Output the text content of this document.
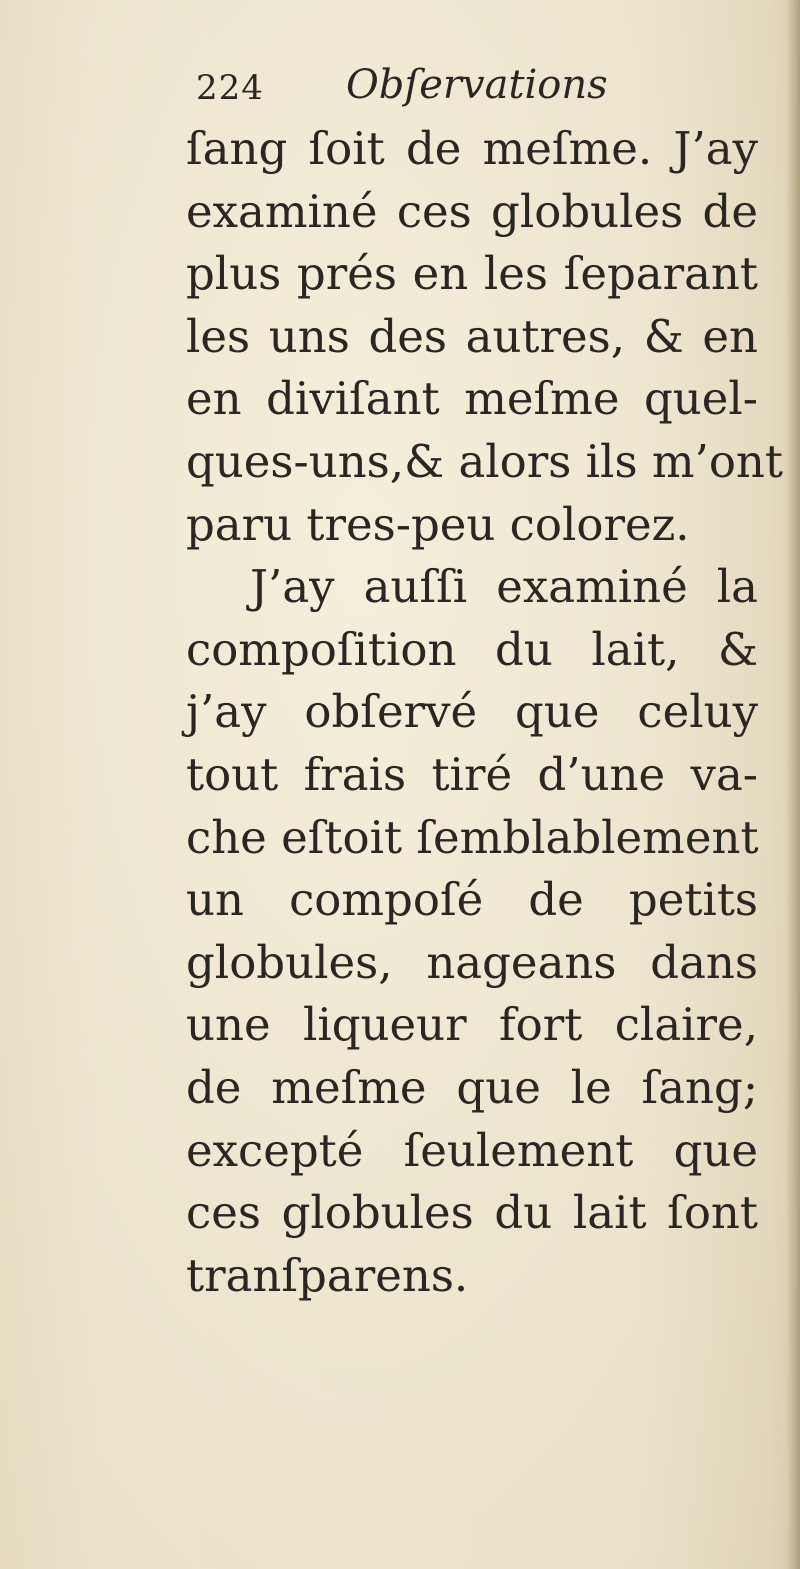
224 Obſervations
ſang ſoit de meſme. J’ay
examiné ces globules de
plus prés en les ſeparant
les uns des autres, & en
en diviſant meſme quel-
ques-uns,& alors ils m’ont
paru tres-peu colorez.
J’ay auſſi examiné la
compoſition du lait, &
j’ay obſervé que celuy
tout frais tiré d’une va-
che eſtoit ſemblablement
un compoſé de petits
globules, nageans dans
une liqueur fort claire,
de meſme que le ſang;
excepté ſeulement que
ces globules du lait ſont
tranſparens.
